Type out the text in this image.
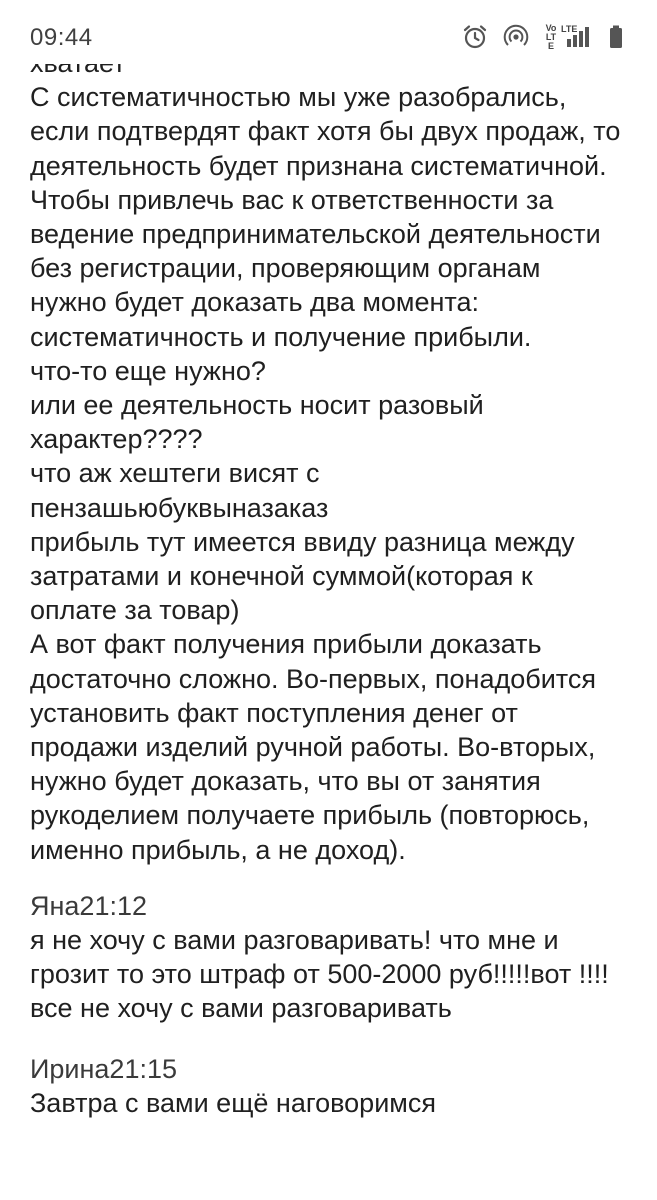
09:44	Vo LTE
LTE
С систематичностью мы уже разобрались,
если подтвердят факт хотя бы двух продаж, то
деятельность будет признана систематичной.
Чтобы привлечь вас к ответственности за
ведение предпринимательской деятельности
без регистрации, проверяющим органам
нужно будет доказать два момента:
систематичность и получение прибыли.
что-то еще нужно?
или ее деятельность носит разовый
характер????
что аж хештеги висят с
пензашьюбуквыназаказ
прибыль тут имеется ввиду разница между
затратами и конечной суммой(которая к
оплате за товар)
А вот факт получения прибыли доказать
достаточно сложно. Во-первых, понадобится
установить факт поступления денег от
продажи изделий ручной работы. Во-вторых,
нужно будет доказать, что вы от занятия
рукоделием получаете прибыль (повторюсь,
именно прибыль, а не доход).
Яна21:12
я не хочу с вами разговаривать! что мне и
грозит то это штраф от 500-2000 руб!!!!!вот !!!!
все не хочу с вами разговаривать
Ирина21:15
Завтра с вами ещё наговоримся
